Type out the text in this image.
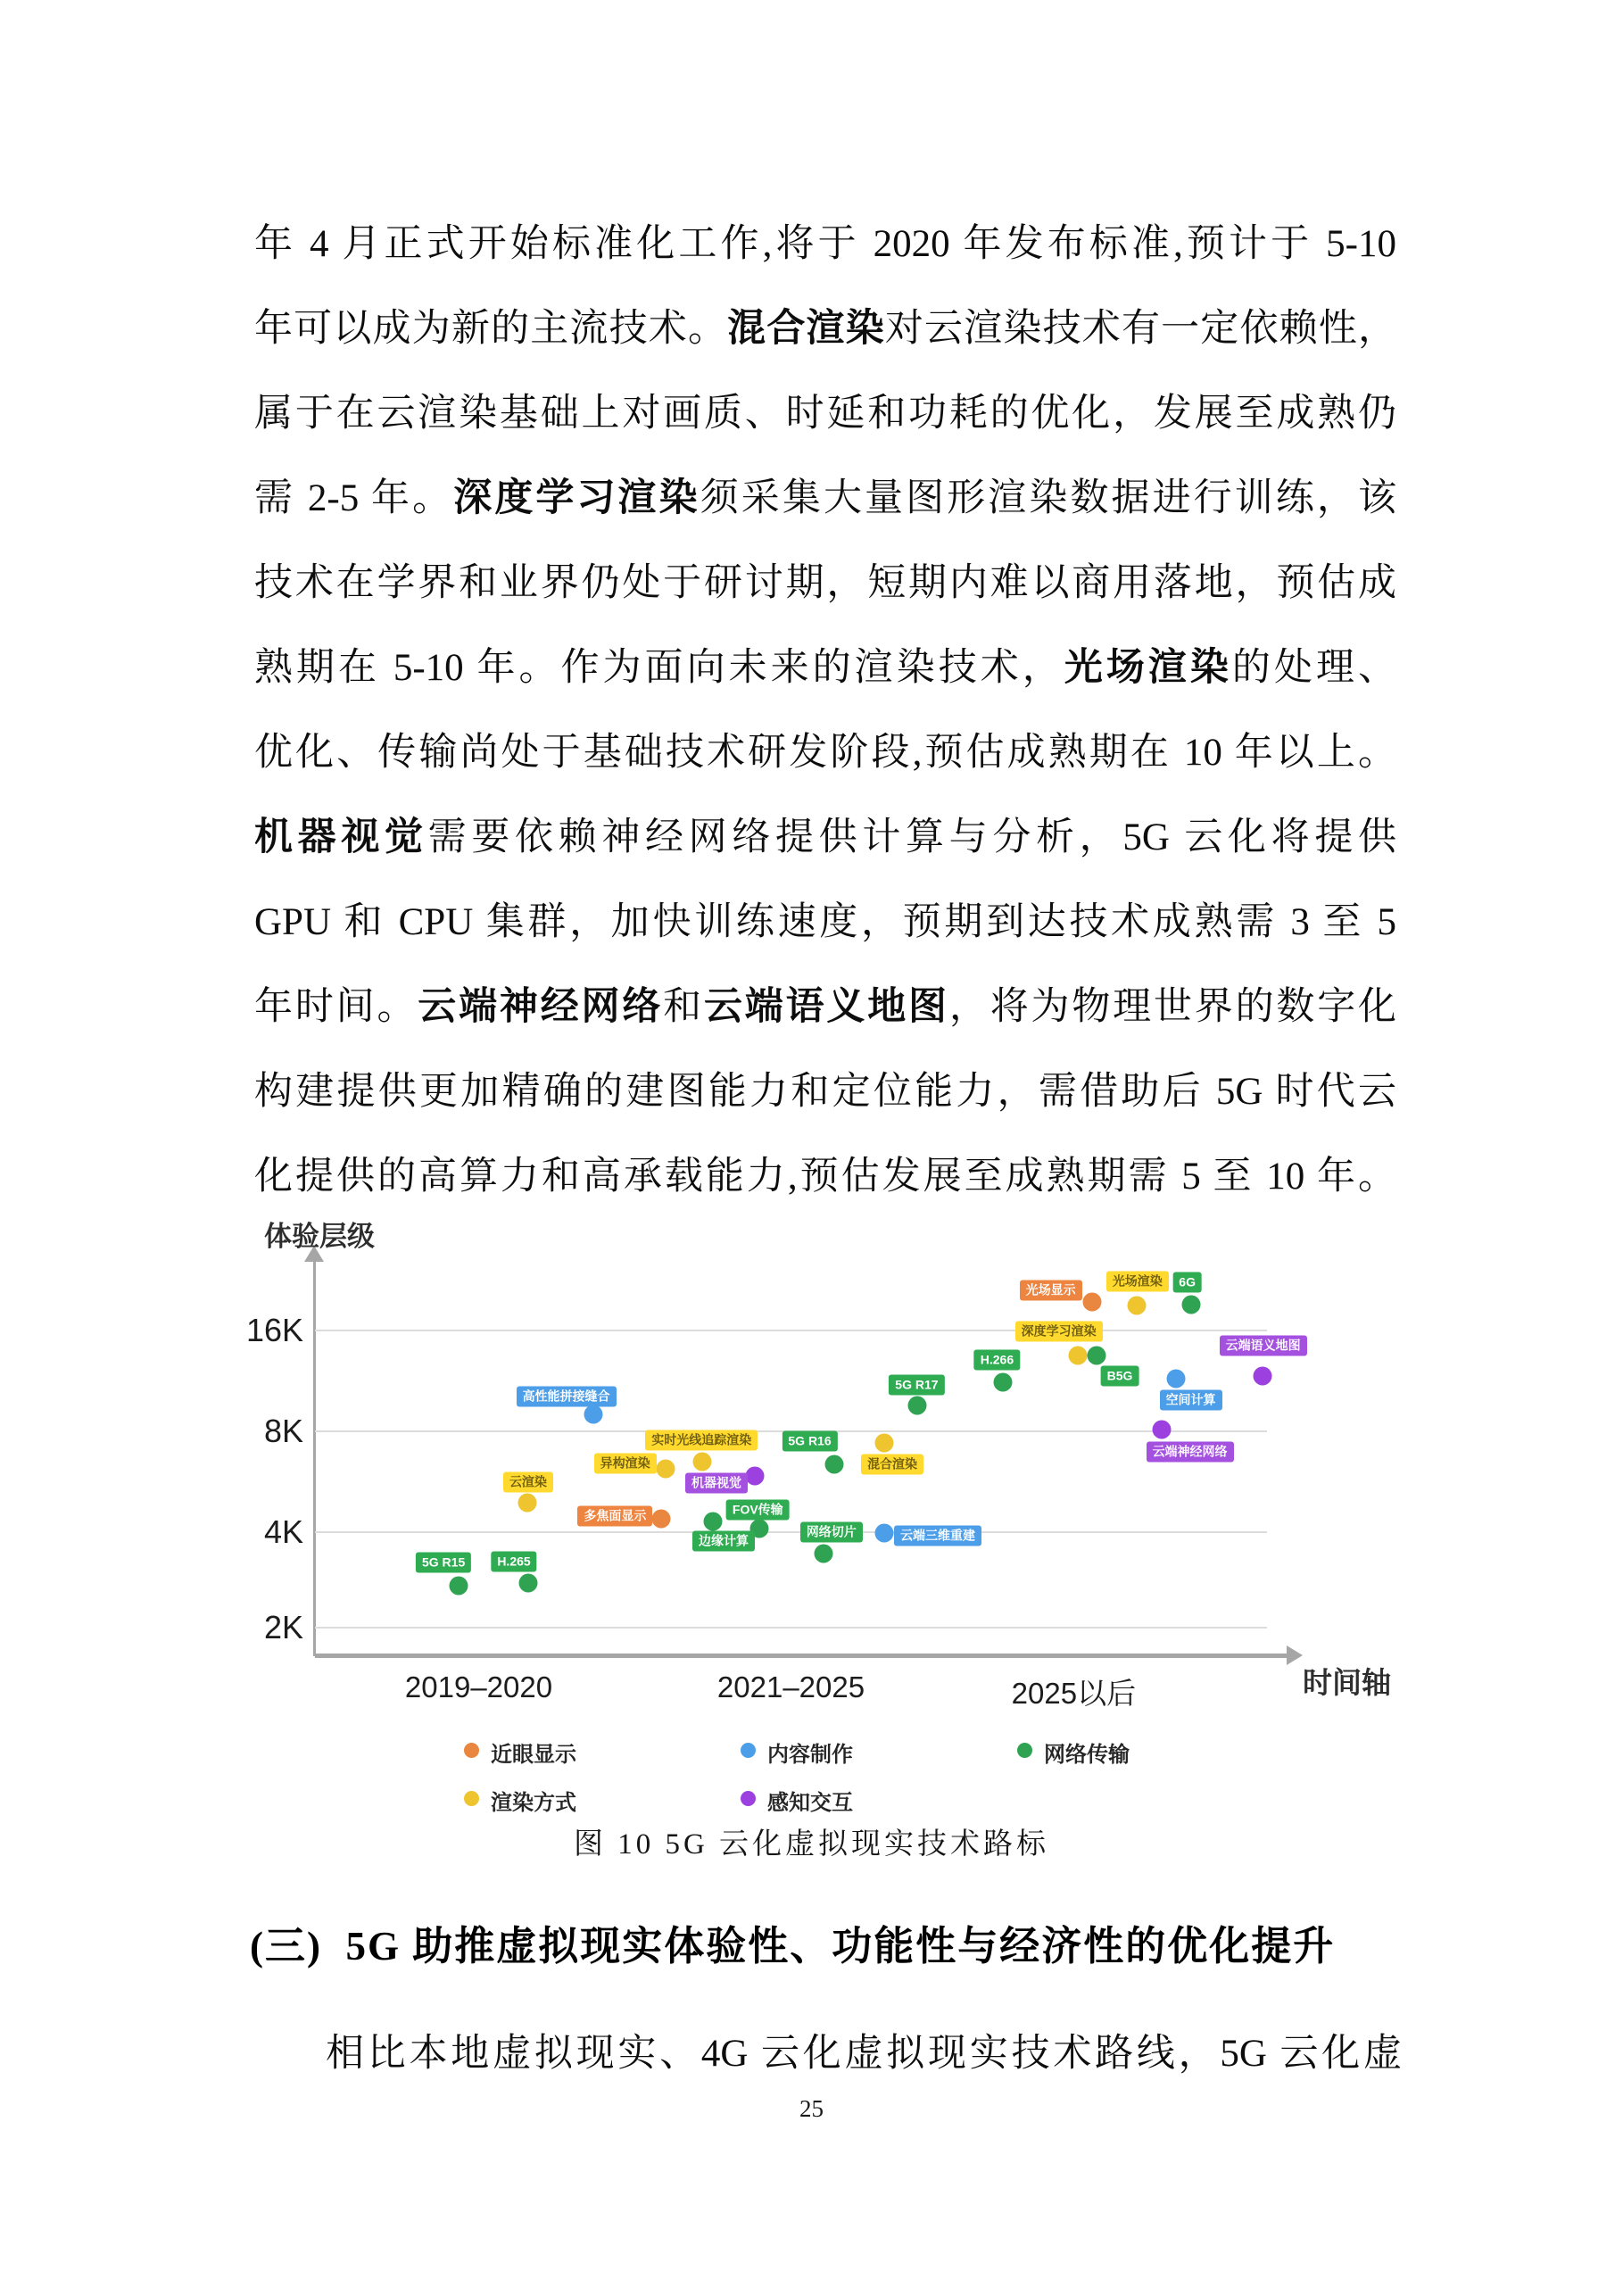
年 4 月正式开始标准化工作,将于 2020 年发布标准,预计于 5-10
年可以成为新的主流技术。混合渲染对云渲染技术有一定依赖性，
属于在云渲染基础上对画质、时延和功耗的优化，发展至成熟仍
需 2-5 年。深度学习渲染须采集大量图形渲染数据进行训练，该
技术在学界和业界仍处于研讨期，短期内难以商用落地，预估成
熟期在 5-10 年。作为面向未来的渲染技术，光场渲染的处理、
优化、传输尚处于基础技术研发阶段,预估成熟期在 10 年以上。
机器视觉需要依赖神经网络提供计算与分析，5G 云化将提供
GPU 和 CPU 集群，加快训练速度，预期到达技术成熟需 3 至 5
年时间。云端神经网络和云端语义地图，将为物理世界的数字化
构建提供更加精确的建图能力和定位能力，需借助后 5G 时代云
化提供的高算力和高承载能力,预估发展至成熟期需 5 至 10 年。
体验层级
时间轴
16K
8K
4K
2K
5G R15	H.265
云渲染
高性能拼接缝合
多焦面显示
异构渲染
实时光线追踪渲染
机器视觉
FOV传输
边缘计算
5G R16
网络切片
混合渲染
云端三维重建
5G R17
H.266
深度学习渲染
B5G
光场显示
光场渲染	6G
空间计算
云端神经网络
云端语义地图
2019–2020	2021–2025	2025以后
近眼显示	内容制作	网络传输
渲染方式	感知交互
图 10 5G 云化虚拟现实技术路标
(三)  5G 助推虚拟现实体验性、功能性与经济性的优化提升
相比本地虚拟现实、4G 云化虚拟现实技术路线，5G 云化虚
25
